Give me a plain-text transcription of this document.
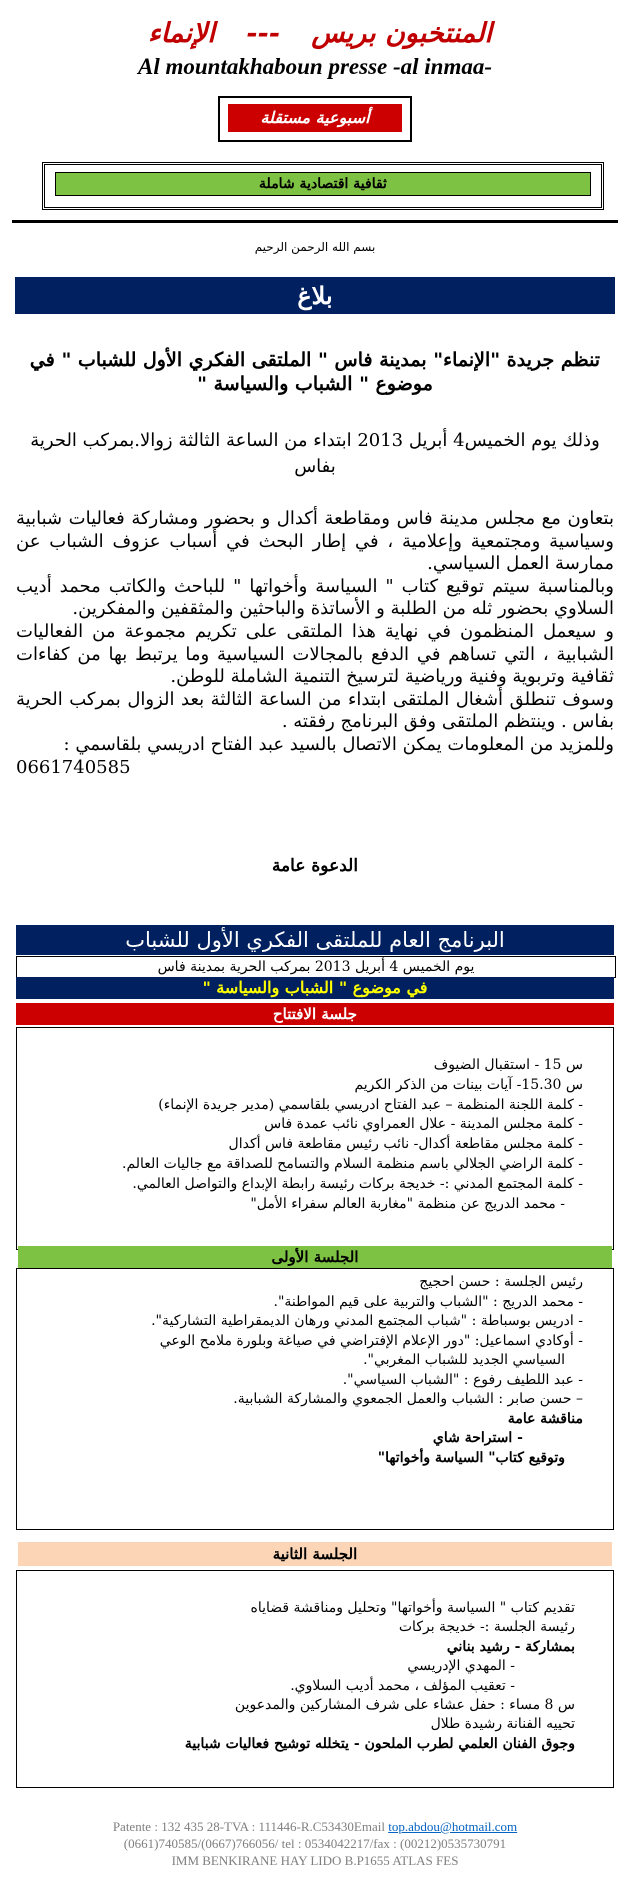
المنتخبون بريس --- الإنماء
Al mountakhaboun presse -al inmaa-
أسبوعية مستقلة
ثقافية اقتصادية شاملة
بسم الله الرحمن الرحيم
بلاغ
تنظم جريدة "الإنماء" بمدينة فاس " الملتقى الفكري الأول للشباب " في موضوع " الشباب والسياسة "
وذلك يوم الخميس4 أبريل 2013 ابتداء من الساعة الثالثة زوالا.بمركب الحرية بفاس

بتعاون مع مجلس مدينة فاس ومقاطعة أكدال و بحضور ومشاركة فعاليات شبابية وسياسية ومجتمعية وإعلامية ، في إطار البحث في أسباب عزوف الشباب عن ممارسة العمل السياسي.

وبالمناسبة سيتم توقيع كتاب " السياسة وأخواتها " للباحث والكاتب محمد أديب السلاوي بحضور ثله من الطلبة و الأساتذة والباحثين والمثقفين والمفكرين.

و سيعمل المنظمون في نهاية هذا الملتقى على تكريم مجموعة من الفعاليات الشبابية ، التي تساهم في الدفع بالمجالات السياسية وما يرتبط بها من كفاءات ثقافية وتربوية وفنية ورياضية لترسيخ التنمية الشاملة للوطن.

وسوف تنطلق أشغال الملتقى ابتداء من الساعة الثالثة بعد الزوال بمركب الحرية بفاس . وينتظم الملتقى وفق البرنامج رفقته .

وللمزيد من المعلومات يمكن الاتصال بالسيد عبد الفتاح ادريسي بلقاسمي :

0661740585

الدعوة عامة
البرنامج العام للملتقى الفكري الأول للشباب
يوم الخميس 4 أبريل 2013 بمركب الحرية بمدينة فاس
في موضوع " الشباب والسياسة "
جلسة الافتتاح
س 15 - استقبال الضيوف
س 15.30- آيات بينات من الذكر الكريم
- كلمة اللجنة المنظمة – عبد الفتاح ادريسي بلقاسمي (مدير جريدة الإنماء)
- كلمة مجلس المدينة - علال العمراوي نائب عمدة فاس
- كلمة مجلس مقاطعة أكدال- نائب رئيس مقاطعة فاس أكدال
- كلمة الراضي الجلالي باسم منظمة السلام والتسامح للصداقة مع جاليات العالم.
- كلمة المجتمع المدني :- خديجة بركات رئيسة رابطة الإبداع والتواصل العالمي.
- محمد الدريج عن منظمة "مغاربة العالم سفراء الأمل"
الجلسة الأولى
رئيس الجلسة : حسن احجيج
- محمد الدريج : "الشباب والتربية على قيم المواطنة".
- ادريس بوسباطة : "شباب المجتمع المدني ورهان الديمقراطية التشاركية".
- أوكادي اسماعيل: "دور الإعلام الإفتراضي في صياغة وبلورة ملامح الوعي
السياسي الجديد للشباب المغربي".
- عبد اللطيف رفوع : "الشباب السياسي".
– حسن صابر : الشباب والعمل الجمعوي والمشاركة الشبابية.
مناقشة عامة
- استراحة شاي
وتوقيع كتاب" السياسة وأخواتها"
الجلسة الثانية
تقديم كتاب " السياسة وأخواتها" وتحليل ومناقشة قضاياه
رئيسة الجلسة :- خديجة بركات
بمشاركة - رشيد بناني
- المهدي الإدريسي
- تعقيب المؤلف ، محمد أديب السلاوي.
س 8 مساء : حفل عشاء على شرف المشاركين والمدعوين
تحييه الفنانة رشيدة طلال
وجوق الفنان العلمي لطرب الملحون - يتخلله توشيح فعاليات شبابية
Patente : 132 435 28-TVA : 111446-R.C53430Email top.abdou@hotmail.com
(0661)740585/(0667)766056/ tel : 0534042217/fax : (00212)0535730791
IMM BENKIRANE HAY LIDO B.P1655 ATLAS FES
